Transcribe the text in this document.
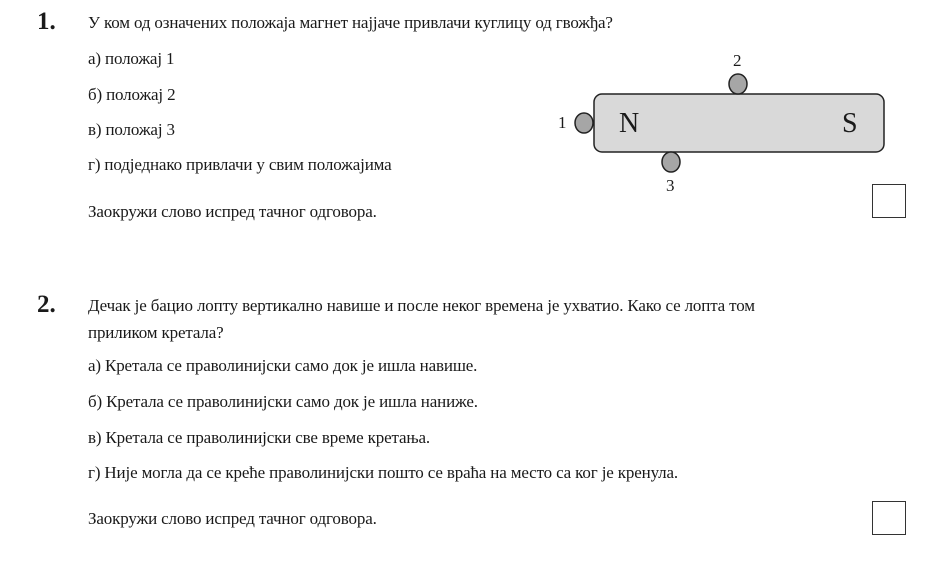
1. У ком од означених положаја магнет најјаче привлачи куглицу од гвожђа?
а) положај 1
б) положај 2
в) положај 3
г) подједнако привлачи у свим положајима
Заокружи слово испред тачног одговора.
N	S
1
2
3
2. Дечак је бацио лопту вертикално навише и после неког времена је ухватио. Како се лопта том
приликом кретала?
а) Кретала се праволинијски само док је ишла навише.
б) Кретала се праволинијски само док је ишла наниже.
в) Кретала се праволинијски све време кретања.
г) Није могла да се креће праволинијски пошто се враћа на место са ког је кренула.
Заокружи слово испред тачног одговора.
